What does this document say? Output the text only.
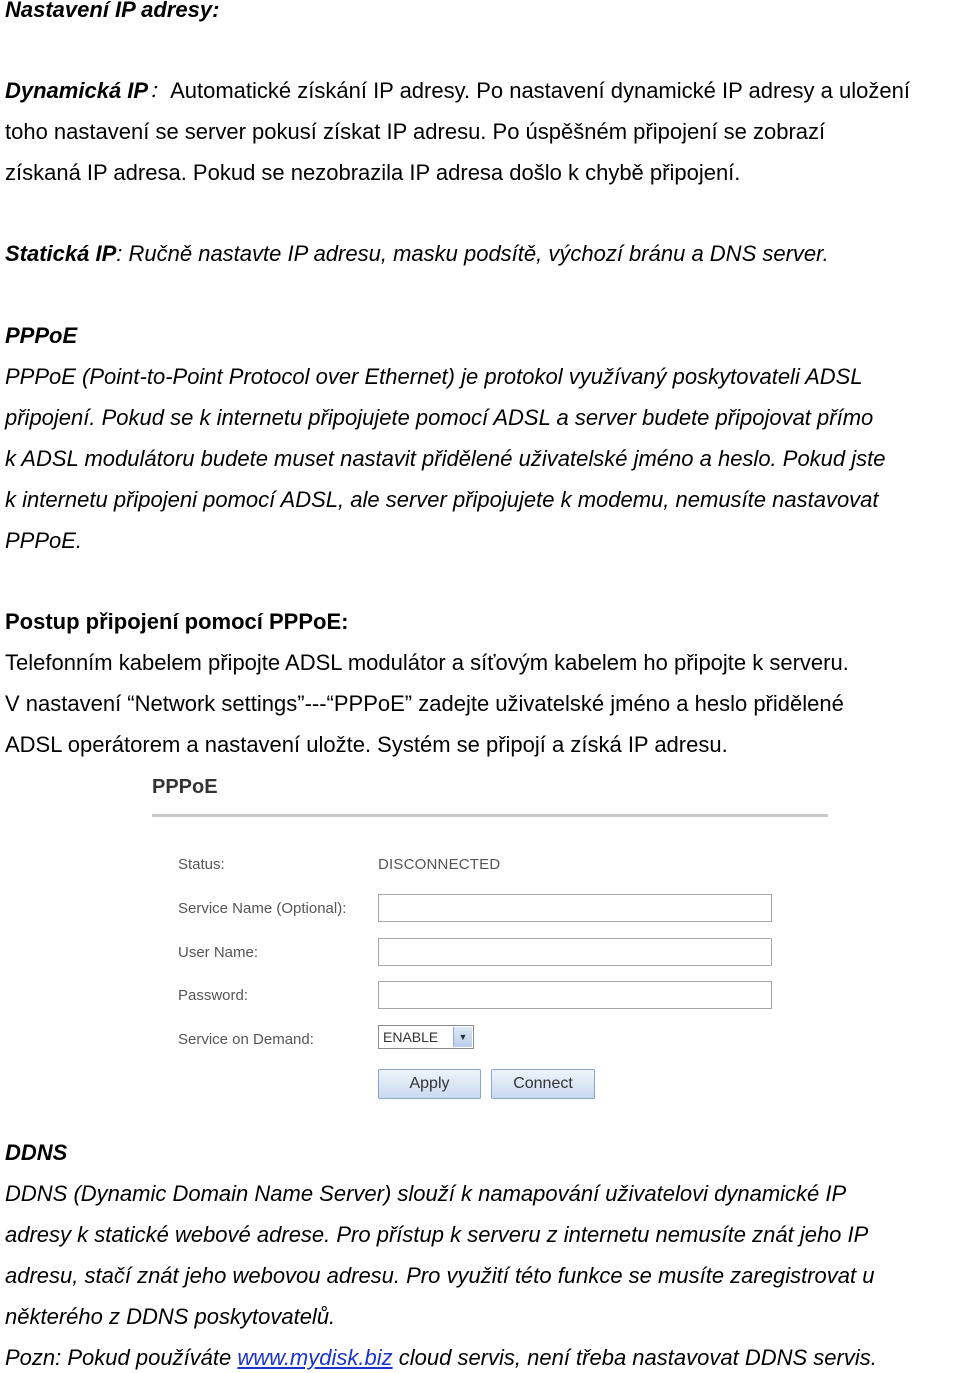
Nastavení IP adresy:
Dynamická IP：Automatické získání IP adresy. Po nastavení dynamické IP adresy a uložení
toho nastavení se server pokusí získat IP adresu. Po úspěšném připojení se zobrazí
získaná IP adresa. Pokud se nezobrazila IP adresa došlo k chybě připojení.
Statická IP: Ručně nastavte IP adresu, masku podsítě, výchozí bránu a DNS server.
PPPoE
PPPoE (Point-to-Point Protocol over Ethernet) je protokol využívaný poskytovateli ADSL
připojení. Pokud se k internetu připojujete pomocí ADSL a server budete připojovat přímo
k ADSL modulátoru budete muset nastavit přidělené uživatelské jméno a heslo. Pokud jste
k internetu připojeni pomocí ADSL, ale server připojujete k modemu, nemusíte nastavovat
PPPoE.
Postup připojení pomocí PPPoE:
Telefonním kabelem připojte ADSL modulátor a síťovým kabelem ho připojte k serveru.
V nastavení “Network settings”---“PPPoE” zadejte uživatelské jméno a heslo přidělené
ADSL operátorem a nastavení uložte. Systém se připojí a získá IP adresu.
PPPoE
Status:	DISCONNECTED
Service Name (Optional):
User Name:
Password:
Service on Demand:	ENABLE	▼
Apply	Connect
DDNS
DDNS (Dynamic Domain Name Server) slouží k namapování uživatelovi dynamické IP
adresy k statické webové adrese. Pro přístup k serveru z internetu nemusíte znát jeho IP
adresu, stačí znát jeho webovou adresu. Pro využití této funkce se musíte zaregistrovat u
některého z DDNS poskytovatelů.
Pozn: Pokud používáte www.mydisk.biz cloud servis, není třeba nastavovat DDNS servis.
